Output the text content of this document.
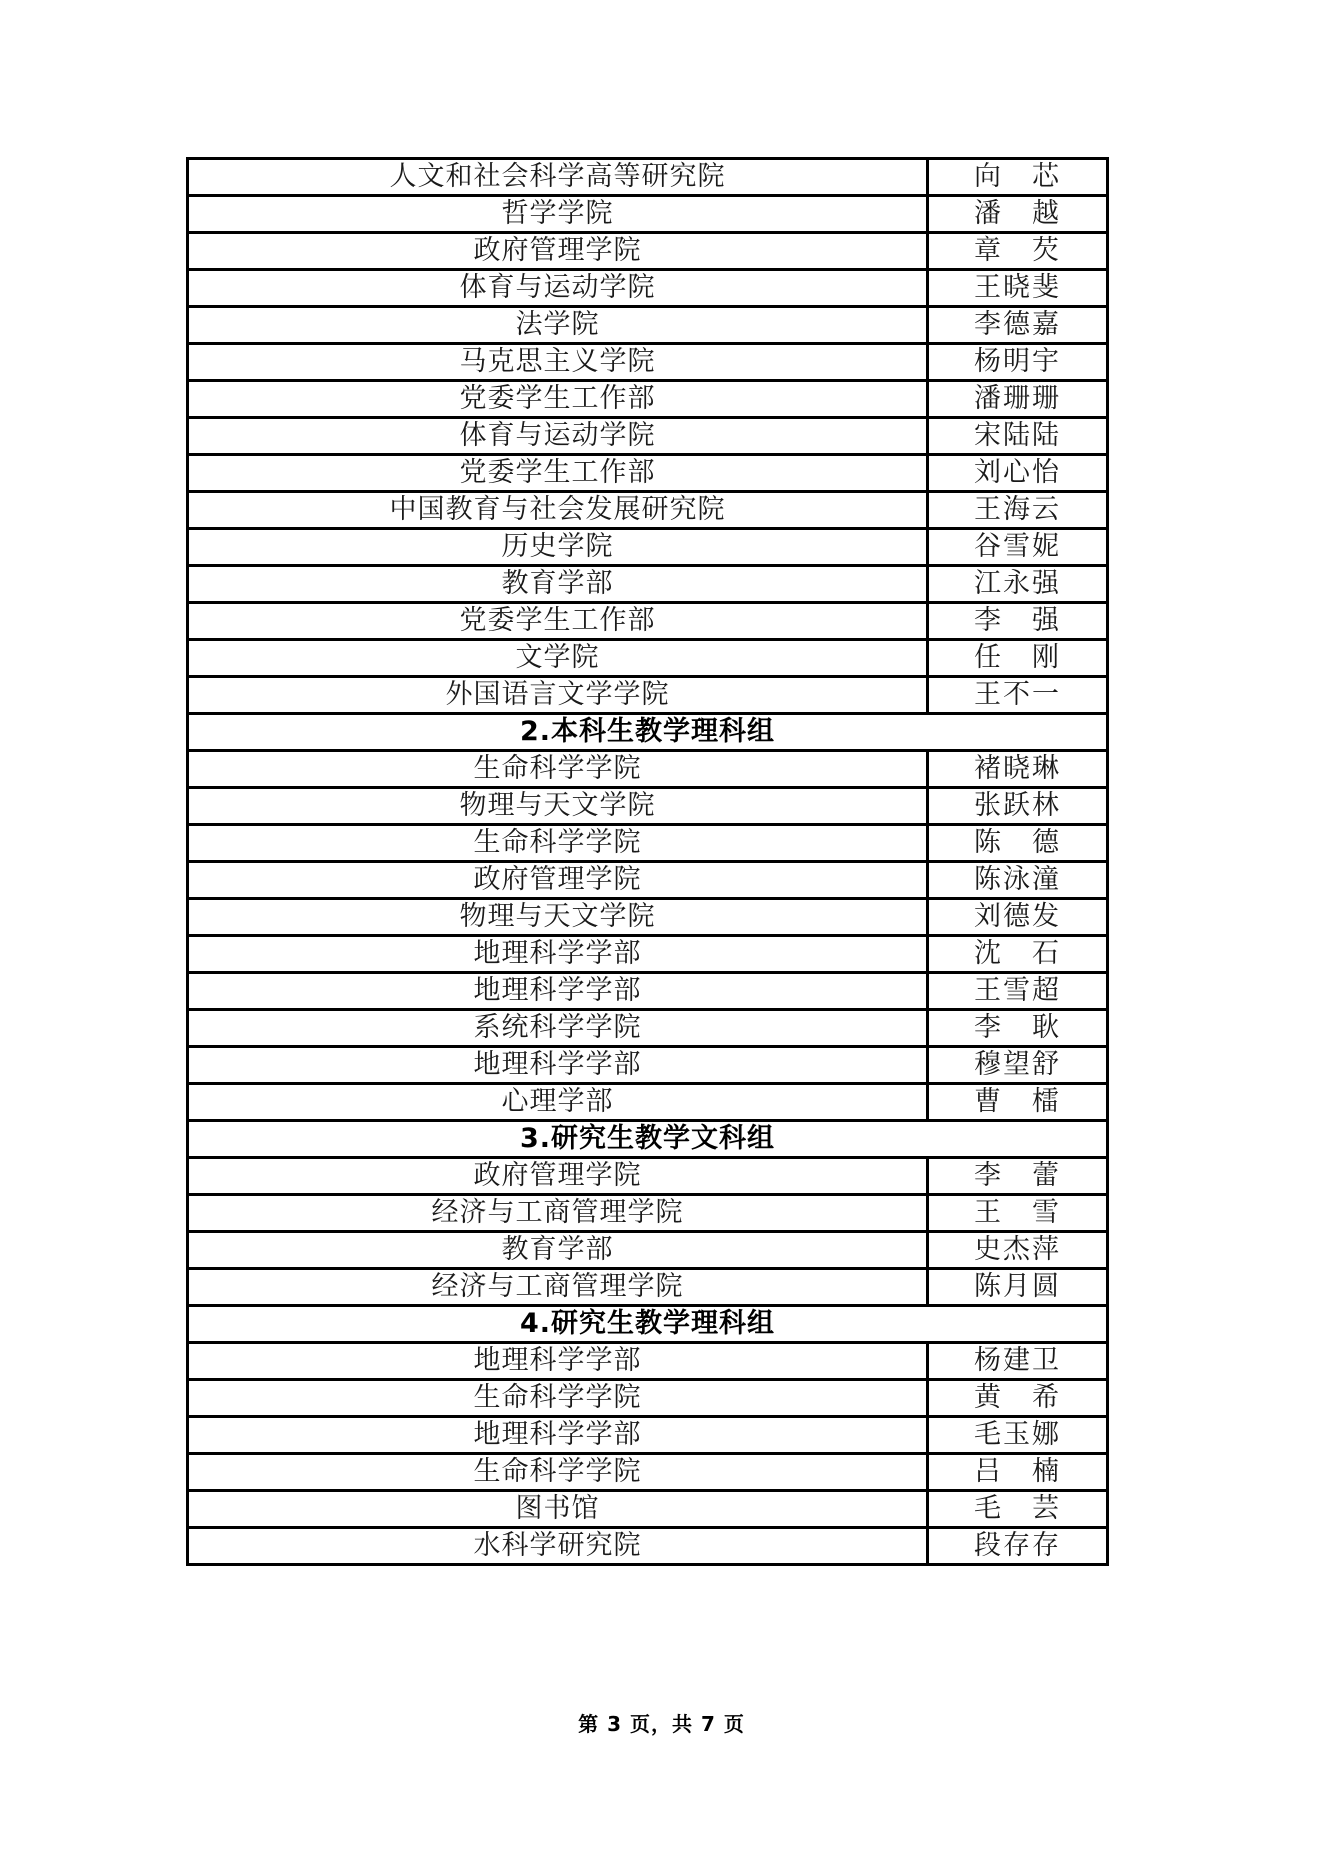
人文和社会科学高等研究院	向　芯
哲学学院	潘　越
政府管理学院	章　芡
体育与运动学院	王晓斐
法学院	李德嘉
马克思主义学院	杨明宇
党委学生工作部	潘珊珊
体育与运动学院	宋陆陆
党委学生工作部	刘心怡
中国教育与社会发展研究院	王海云
历史学院	谷雪妮
教育学部	江永强
党委学生工作部	李　强
文学院	任　刚
外国语言文学学院	王不一
2.本科生教学理科组	
生命科学学院	褚晓琳
物理与天文学院	张跃林
生命科学学院	陈　德
政府管理学院	陈泳潼
物理与天文学院	刘德发
地理科学学部	沈　石
地理科学学部	王雪超
系统科学学院	李　耿
地理科学学部	穆望舒
心理学部	曹　檑
3.研究生教学文科组	
政府管理学院	李　蕾
经济与工商管理学院	王　雪
教育学部	史杰萍
经济与工商管理学院	陈月圆
4.研究生教学理科组	
地理科学学部	杨建卫
生命科学学院	黄　希
地理科学学部	毛玉娜
生命科学学院	吕　楠
图书馆	毛　芸
水科学研究院	段存存
第 3 页，共 7 页
